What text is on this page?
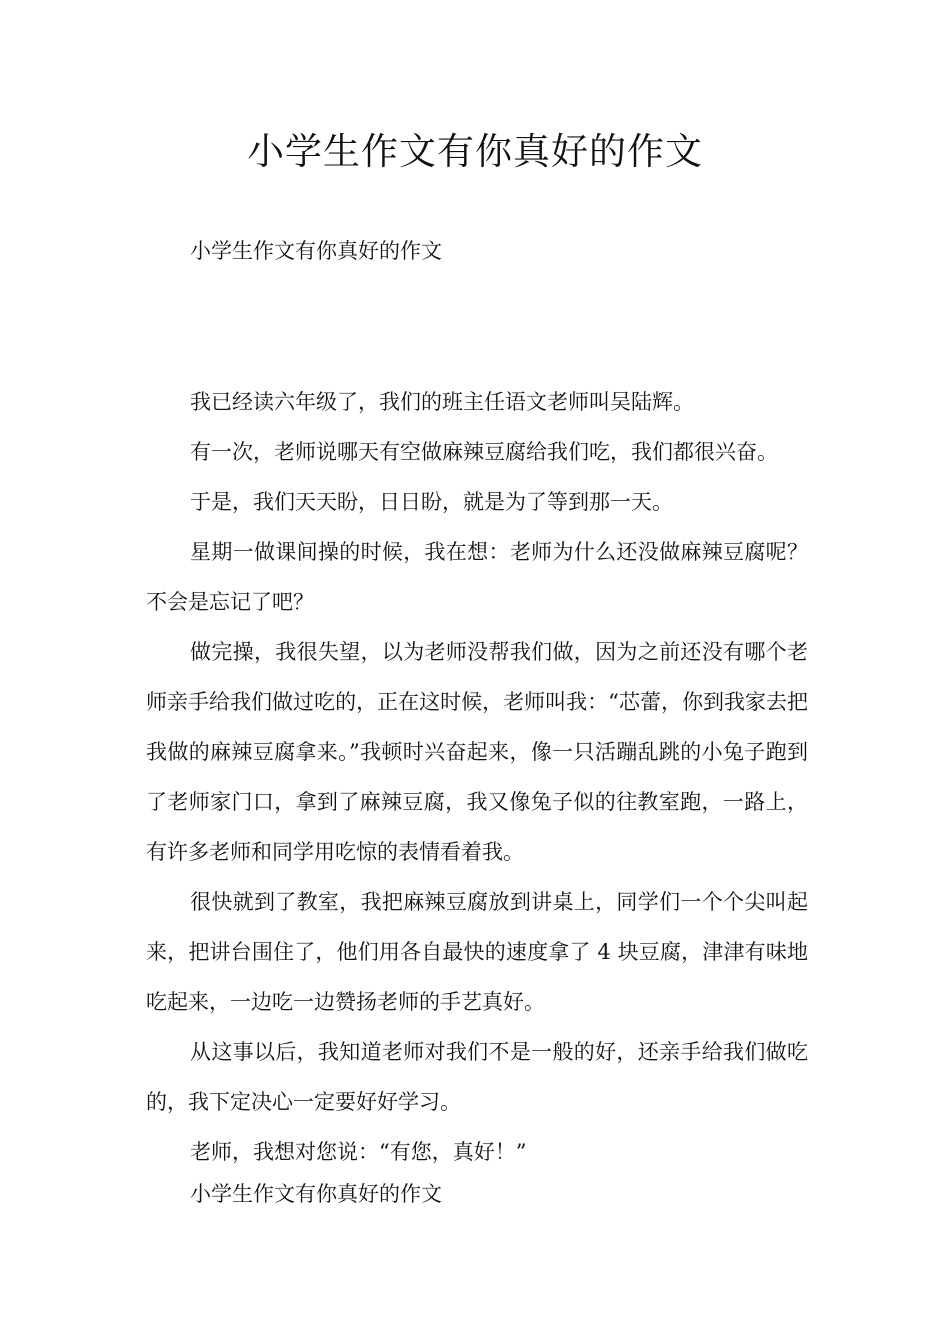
小学生作文有你真好的作文

小学生作文有你真好的作文

我已经读六年级了，我们的班主任语文老师叫吴陆辉。

有一次，老师说哪天有空做麻辣豆腐给我们吃，我们都很兴奋。

于是，我们天天盼，日日盼，就是为了等到那一天。

星期一做课间操的时候，我在想：老师为什么还没做麻辣豆腐呢？不会是忘记了吧？

做完操，我很失望，以为老师没帮我们做，因为之前还没有哪个老师亲手给我们做过吃的，正在这时候，老师叫我：“芯蕾，你到我家去把我做的麻辣豆腐拿来。”我顿时兴奋起来，像一只活蹦乱跳的小兔子跑到了老师家门口，拿到了麻辣豆腐，我又像兔子似的往教室跑，一路上，有许多老师和同学用吃惊的表情看着我。

很快就到了教室，我把麻辣豆腐放到讲桌上，同学们一个个尖叫起来，把讲台围住了，他们用各自最快的速度拿了 4 块豆腐，津津有味地吃起来，一边吃一边赞扬老师的手艺真好。

从这事以后，我知道老师对我们不是一般的好，还亲手给我们做吃的，我下定决心一定要好好学习。

老师，我想对您说：“有您，真好！”

小学生作文有你真好的作文
